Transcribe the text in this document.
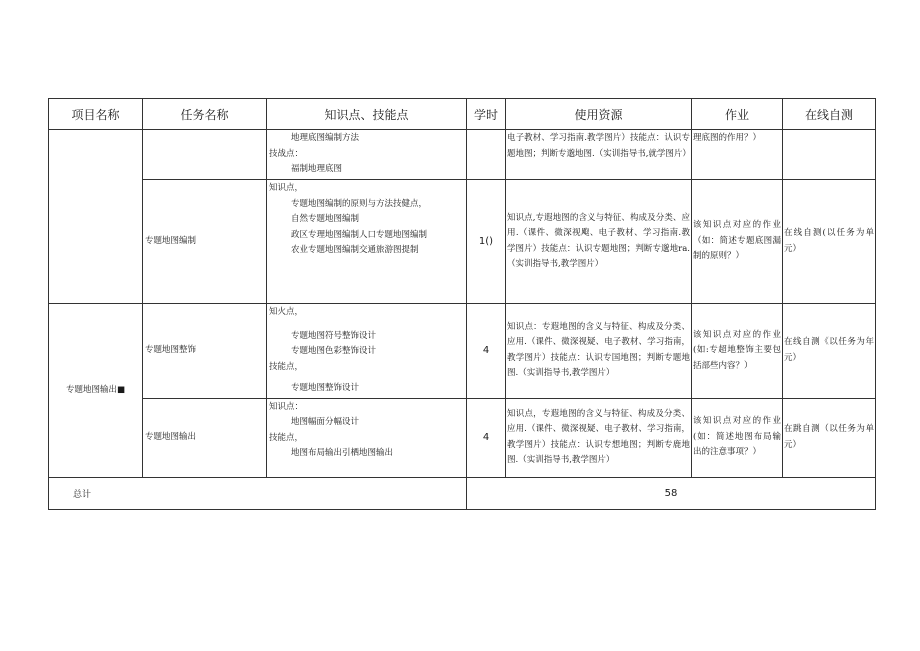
项目名称	任务名称	知识点、技能点	学时	使用资源	作业	在线自测

		地理底图编制方法
技战点：
福制地理底图		电子教材、学习指南.教学图片）技能点：认识专题地图；判断专邈地图.（实训指导书,就学图片）	理底图的作用？）	
	专题地图编制	知识点，
专题地图编制的原则与方法技健点，
自然专题地图编制
政区专理地图编制人口专题地图编制
农业专题地图编制交通旅游图提制	1()	知识点,专遐地图的含义与特征、构成及分类、应用.（课件、微深视飑、电子教材、学习指南.教学图片）技能点：认识专题地图；判断专邈地ra.（实训指导书,教学图片）	该知识点对应的作业（如：简述专题底图漏制的原则？）	在线自测(以任务为单元）
专题地图输出■	专题地图整饰	知火点，
专题地图符号整饰设计
专题地图色彩整饰设计
技能点，
专题地图整饰设计	4	知识点：专遐地图的含义与特征、构成及分类、应用.（课件、微深视疑、电子教材、学习指南，教学图片）技能点：认识专国地图；判断专题地图.（实训指导书,教学图片）	该知识点对应的作业(如:专超地整饰主要包括部些内容？）	在线自测《以任务为年元）
	专题地图输出	知识点：
地图幅面分幅设计
技能点，
地图布局输出引栖地图输出	4	知识点，专遐地图的含义与特征、构成及分类、应用.（课件、微深视疑、电子教材、学习指南，教学图片）技能点：认识专想地图；判断专鹿地图.（实训指导书,教学图片）	该知识点对应的作业(如：简述地图布局输出的注意事项？）	在跳自测（以任务为单元）
总计			58			
